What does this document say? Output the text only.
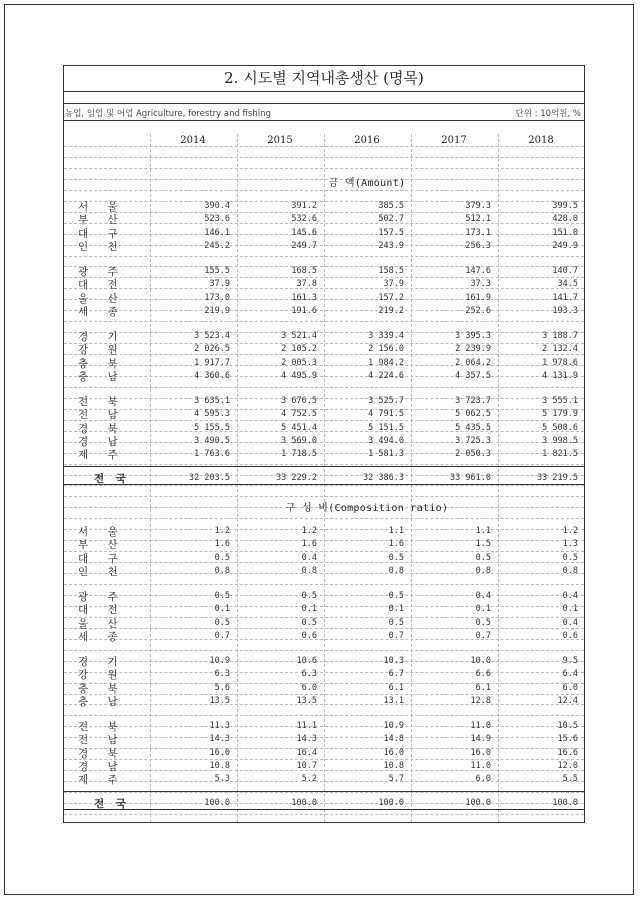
2. 시도별 지역내총생산 (명목)
농업, 임업 및 어업 Agriculture, forestry and fishing	단위 : 10억원, %
2014	2015	2016	2017	2018
금 액(Amount)
서 울	390.4	391.2	385.5	379.3	399.5
부 산	523.6	532.6	502.7	512.1	428.0
대 구	146.1	145.6	157.5	173.1	151.0
인 천	245.2	249.7	243.9	256.3	249.9
광 주	155.5	168.5	158.5	147.6	140.7
대 전	37.9	37.8	37.9	37.3	34.5
울 산	173.0	161.3	157.2	161.9	141.7
세 종	219.9	191.6	219.2	252.6	193.3
경 기	3 523.4	3 521.4	3 339.4	3 395.3	3 188.7
강 원	2 026.5	2 105.2	2 156.0	2 239.9	2 132.4
충 북	1 917.7	2 005.3	1 984.2	2 064.2	1 978.6
충 남	4 360.6	4 495.9	4 224.6	4 357.5	4 131.9
전 북	3 635.1	3 676.5	3 525.7	3 723.7	3 555.1
전 남	4 595.3	4 752.5	4 791.5	5 062.5	5 179.9
경 북	5 155.5	5 451.4	5 151.5	5 435.5	5 500.6
경 남	3 490.5	3 569.0	3 494.0	3 725.3	3 998.5
제 주	1 763.6	1 718.5	1 581.3	2 050.3	1 821.5
전 국	32 203.5	33 229.2	32 386.3	33 961.0	33 219.5
구 성 비(Composition ratio)
서 울	1.2	1.2	1.1	1.1	1.2
부 산	1.6	1.6	1.6	1.5	1.3
대 구	0.5	0.4	0.5	0.5	0.5
인 천	0.8	0.8	0.8	0.8	0.8
광 주	0.5	0.5	0.5	0.4	0.4
대 전	0.1	0.1	0.1	0.1	0.1
울 산	0.5	0.5	0.5	0.5	0.4
세 종	0.7	0.6	0.7	0.7	0.6
경 기	10.9	10.6	10.3	10.0	9.5
강 원	6.3	6.3	6.7	6.6	6.4
충 북	5.6	6.0	6.1	6.1	6.0
충 남	13.5	13.5	13.1	12.8	12.4
전 북	11.3	11.1	10.9	11.0	10.5
전 남	14.3	14.3	14.8	14.9	15.6
경 북	16.0	16.4	16.0	16.0	16.6
경 남	10.8	10.7	10.8	11.0	12.0
제 주	5.3	5.2	5.7	6.0	5.5
전 국	100.0	100.0	100.0	100.0	100.0
